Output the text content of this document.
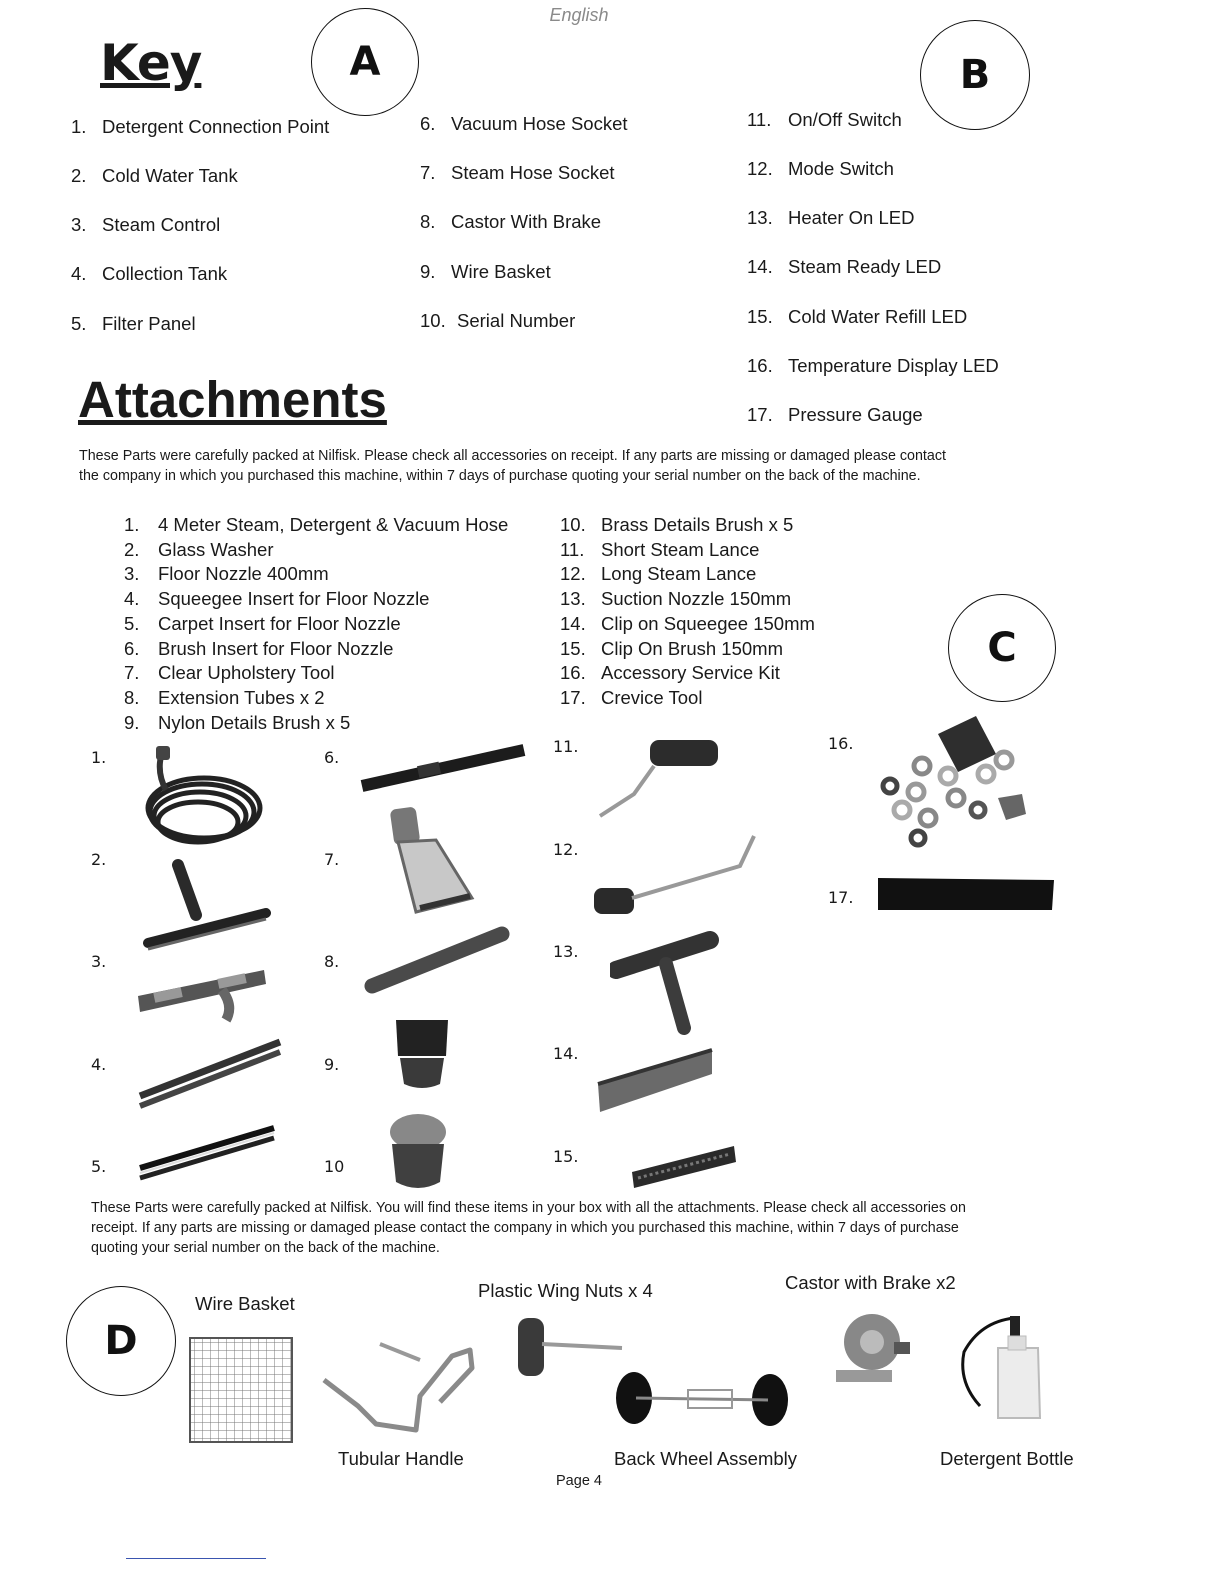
English
Key	A	B
1. Detergent Connection Point
2. Cold Water Tank
3. Steam Control
4. Collection Tank
5. Filter Panel
6. Vacuum Hose Socket
7. Steam Hose Socket
8. Castor With Brake
9. Wire Basket
10. Serial Number
11. On/Off Switch
12. Mode Switch
13. Heater On LED
14. Steam Ready LED
15. Cold Water Refill LED
16. Temperature Display LED
17. Pressure Gauge
Attachments
These Parts were carefully packed at Nilfisk. Please check all accessories on receipt. If any parts are missing or damaged please contact the company in which you purchased this machine, within 7 days of purchase quoting your serial number on the back of the machine.
1.	4 Meter Steam, Detergent & Vacuum Hose
2.	Glass Washer
3.	Floor Nozzle 400mm
4.	Squeegee Insert for Floor Nozzle
5.	Carpet Insert for Floor Nozzle
6.	Brush Insert for Floor Nozzle
7.	Clear Upholstery Tool
8.	Extension Tubes x 2
9.	Nylon Details Brush x 5
10. Brass Details Brush x 5
11. Short Steam Lance
12. Long Steam Lance
13. Suction Nozzle 150mm
14. Clip on Squeegee 150mm
15. Clip On Brush 150mm
16. Accessory Service Kit
17. Crevice Tool
C
1.
2.
3.
4.
5.
6.
7.
8.
9.
10
11.
12.
13.
14.
15.
16.
17.
These Parts were carefully packed at Nilfisk. You will find these items in your box with all the attachments. Please check all accessories on receipt. If any parts are missing or damaged please contact the company in which you purchased this machine, within 7 days of purchase quoting your serial number on the back of the machine.
D
Wire Basket
Plastic Wing Nuts x 4	Castor with Brake x2
Tubular Handle	Back Wheel Assembly	Detergent Bottle
Page 4
